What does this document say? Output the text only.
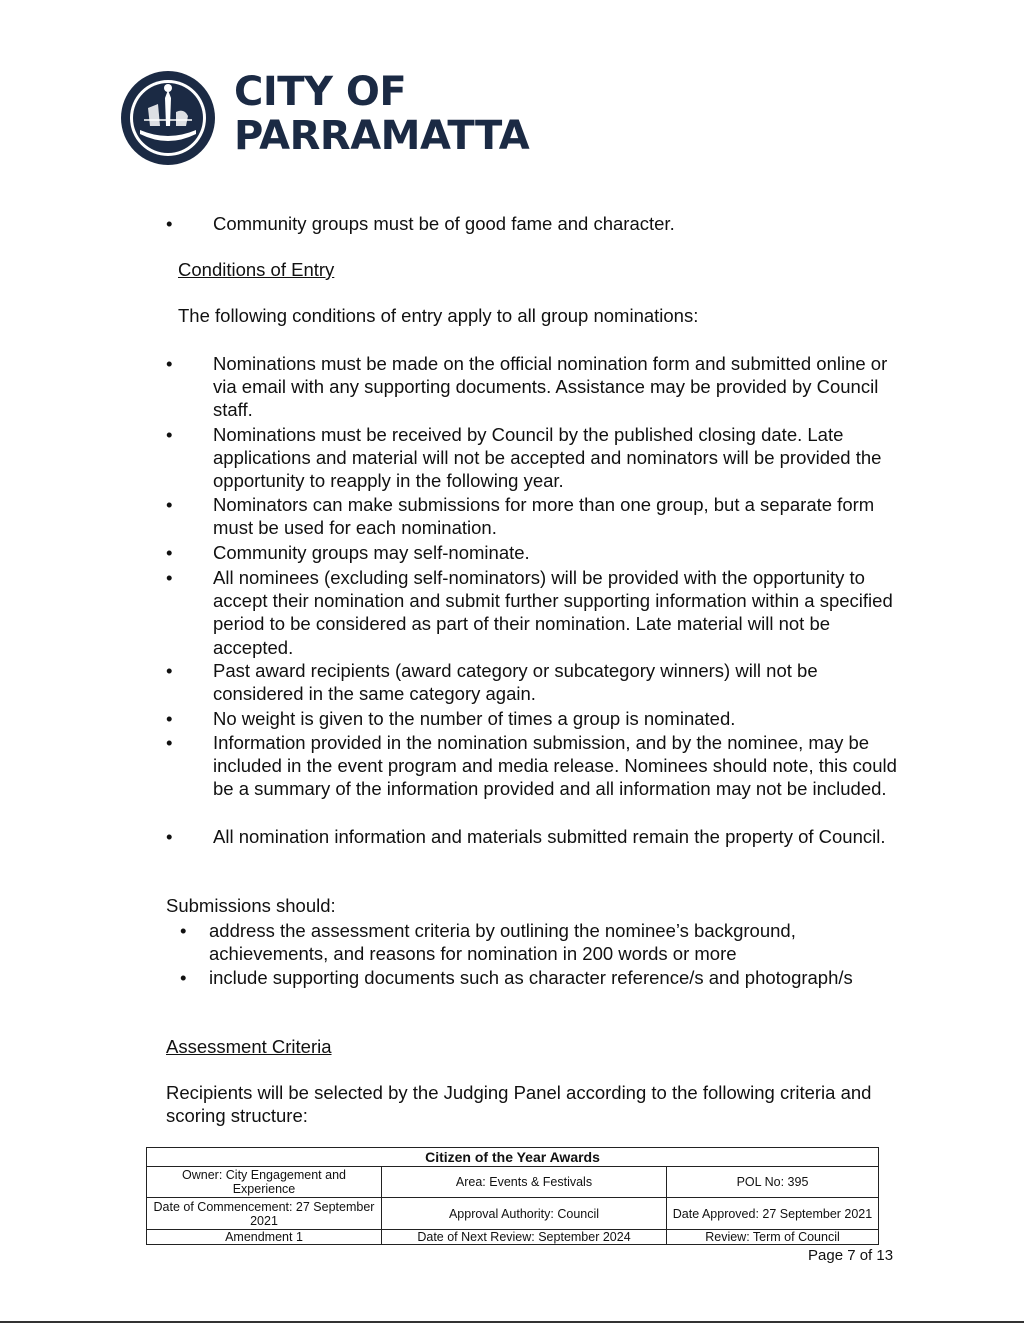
CITY OF
PARRAMATTA
• Community groups must be of good fame and character.
Conditions of Entry
The following conditions of entry apply to all group nominations:
• Nominations must be made on the official nomination form and submitted online or via email with any supporting documents. Assistance may be provided by Council staff.
• Nominations must be received by Council by the published closing date. Late applications and material will not be accepted and nominators will be provided the opportunity to reapply in the following year.
• Nominators can make submissions for more than one group, but a separate form must be used for each nomination.
• Community groups may self-nominate.
• All nominees (excluding self-nominators) will be provided with the opportunity to accept their nomination and submit further supporting information within a specified period to be considered as part of their nomination. Late material will not be accepted.
• Past award recipients (award category or subcategory winners) will not be considered in the same category again.
• No weight is given to the number of times a group is nominated.
• Information provided in the nomination submission, and by the nominee, may be included in the event program and media release. Nominees should note, this could be a summary of the information provided and all information may not be included.
• All nomination information and materials submitted remain the property of Council.
Submissions should:
• address the assessment criteria by outlining the nominee’s background, achievements, and reasons for nomination in 200 words or more
• include supporting documents such as character reference/s and photograph/s
Assessment Criteria
Recipients will be selected by the Judging Panel according to the following criteria and scoring structure:
Citizen of the Year Awards		
Owner: City Engagement and Experience	Area: Events & Festivals	POL No: 395
Date of Commencement: 27 September 2021	Approval Authority: Council	Date Approved: 27 September 2021
Amendment 1	Date of Next Review: September 2024	Review: Term of Council
Page 7 of 13
